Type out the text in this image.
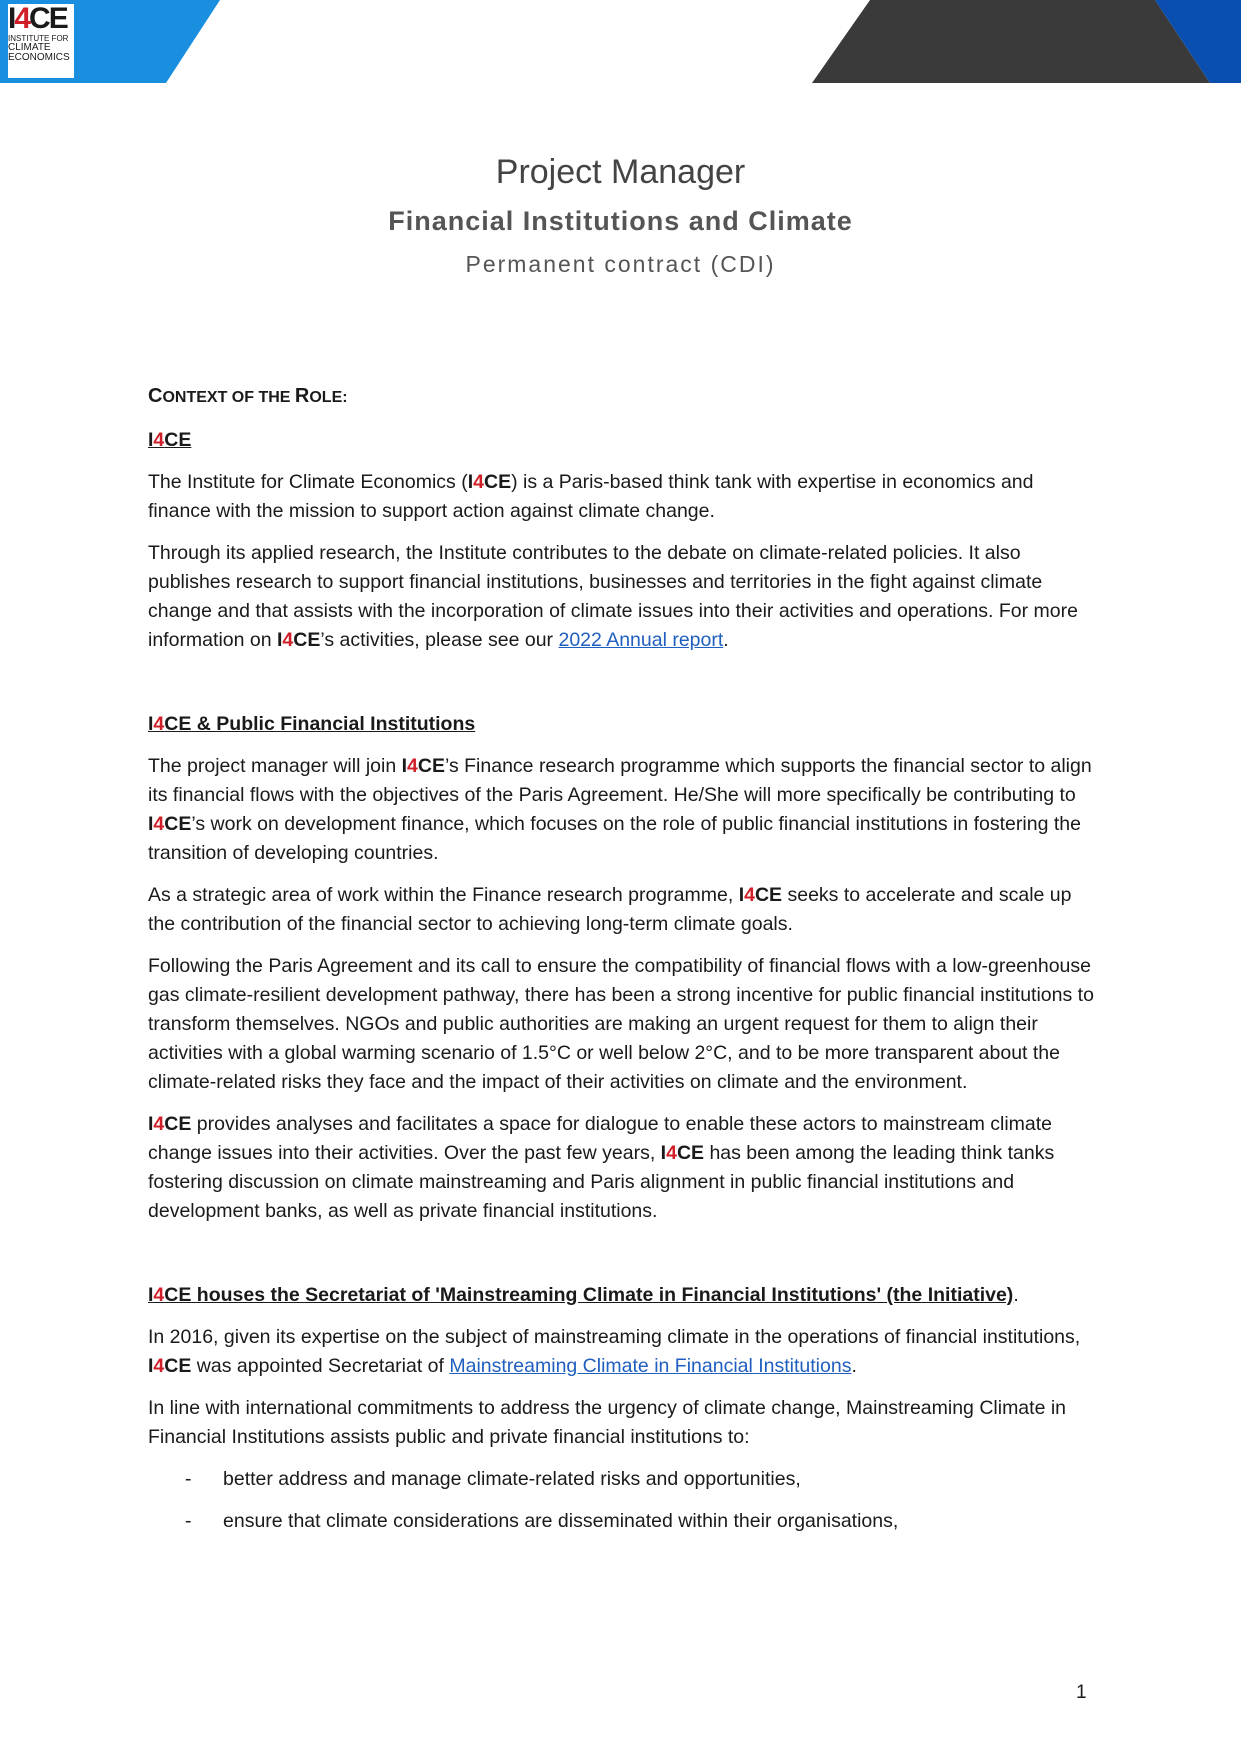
I4CE
INSTITUTE FOR
CLIMATE
ECONOMICS
Project Manager
Financial Institutions and Climate
Permanent contract (CDI)
CONTEXT OF THE ROLE:
I4CE

The Institute for Climate Economics (I4CE) is a Paris-based think tank with expertise in economics and finance with the mission to support action against climate change.

Through its applied research, the Institute contributes to the debate on climate-related policies. It also publishes research to support financial institutions, businesses and territories in the fight against climate change and that assists with the incorporation of climate issues into their activities and operations. For more information on I4CE’s activities, please see our 2022 Annual report.

I4CE & Public Financial Institutions

The project manager will join I4CE’s Finance research programme which supports the financial sector to align its financial flows with the objectives of the Paris Agreement. He/She will more specifically be contributing to I4CE’s work on development finance, which focuses on the role of public financial institutions in fostering the transition of developing countries.

As a strategic area of work within the Finance research programme, I4CE seeks to accelerate and scale up the contribution of the financial sector to achieving long-term climate goals.

Following the Paris Agreement and its call to ensure the compatibility of financial flows with a low-greenhouse gas climate-resilient development pathway, there has been a strong incentive for public financial institutions to transform themselves. NGOs and public authorities are making an urgent request for them to align their activities with a global warming scenario of 1.5°C or well below 2°C, and to be more transparent about the climate-related risks they face and the impact of their activities on climate and the environment.

I4CE provides analyses and facilitates a space for dialogue to enable these actors to mainstream climate change issues into their activities. Over the past few years, I4CE has been among the leading think tanks fostering discussion on climate mainstreaming and Paris alignment in public financial institutions and development banks, as well as private financial institutions.

I4CE houses the Secretariat of 'Mainstreaming Climate in Financial Institutions' (the Initiative).

In 2016, given its expertise on the subject of mainstreaming climate in the operations of financial institutions, I4CE was appointed Secretariat of Mainstreaming Climate in Financial Institutions.

In line with international commitments to address the urgency of climate change, Mainstreaming Climate in Financial Institutions assists public and private financial institutions to:

- better address and manage climate-related risks and opportunities,
- ensure that climate considerations are disseminated within their organisations,
1
